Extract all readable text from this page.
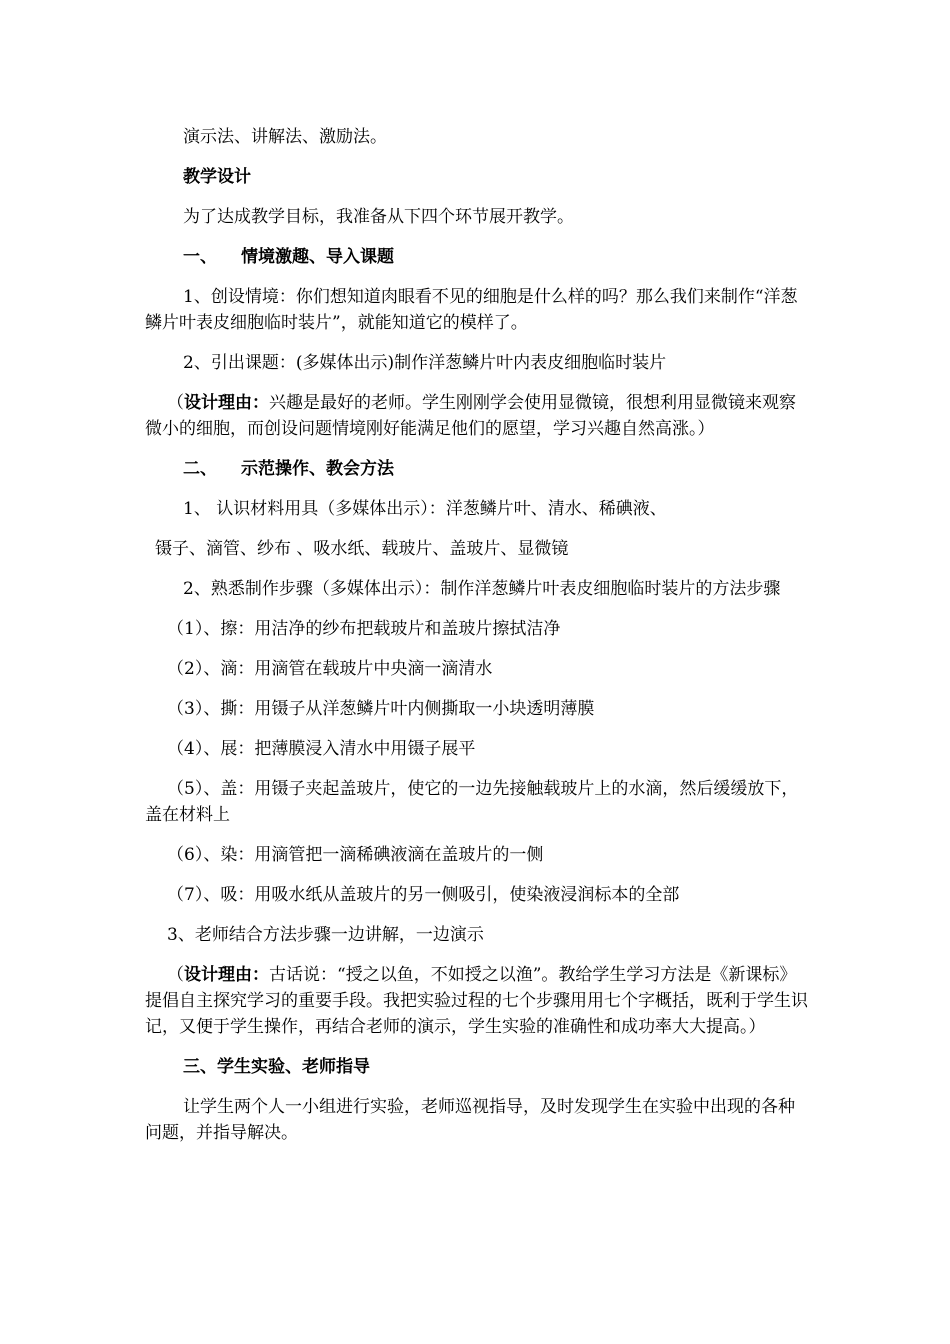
演示法、讲解法、激励法。

教学设计

为了达成教学目标，我准备从下四个环节展开教学。

一、 情境激趣、导入课题

1、创设情境：你们想知道肉眼看不见的细胞是什么样的吗？那么我们来制作“洋葱鳞片叶表皮细胞临时装片”，就能知道它的模样了。

2、引出课题：(多媒体出示)制作洋葱鳞片叶内表皮细胞临时装片

（设计理由：兴趣是最好的老师。学生刚刚学会使用显微镜，很想利用显微镜来观察微小的细胞，而创设问题情境刚好能满足他们的愿望，学习兴趣自然高涨。）

二、 示范操作、教会方法

1、 认识材料用具（多媒体出示）：洋葱鳞片叶、清水、稀碘液、

镊子、滴管、纱布 、吸水纸、载玻片、盖玻片、显微镜

2、熟悉制作步骤（多媒体出示）：制作洋葱鳞片叶表皮细胞临时装片的方法步骤

（1）、擦：用洁净的纱布把载玻片和盖玻片擦拭洁净

（2）、滴：用滴管在载玻片中央滴一滴清水

（3）、撕：用镊子从洋葱鳞片叶内侧撕取一小块透明薄膜

（4）、展：把薄膜浸入清水中用镊子展平

（5）、盖：用镊子夹起盖玻片，使它的一边先接触载玻片上的水滴，然后缓缓放下，盖在材料上

（6）、染：用滴管把一滴稀碘液滴在盖玻片的一侧

（7）、吸：用吸水纸从盖玻片的另一侧吸引，使染液浸润标本的全部

3、老师结合方法步骤一边讲解，一边演示

（设计理由：古话说：“授之以鱼，不如授之以渔”。教给学生学习方法是《新课标》提倡自主探究学习的重要手段。我把实验过程的七个步骤用用七个字概括，既利于学生识记，又便于学生操作，再结合老师的演示，学生实验的准确性和成功率大大提高。）

三、学生实验、老师指导

让学生两个人一小组进行实验，老师巡视指导，及时发现学生在实验中出现的各种问题，并指导解决。
